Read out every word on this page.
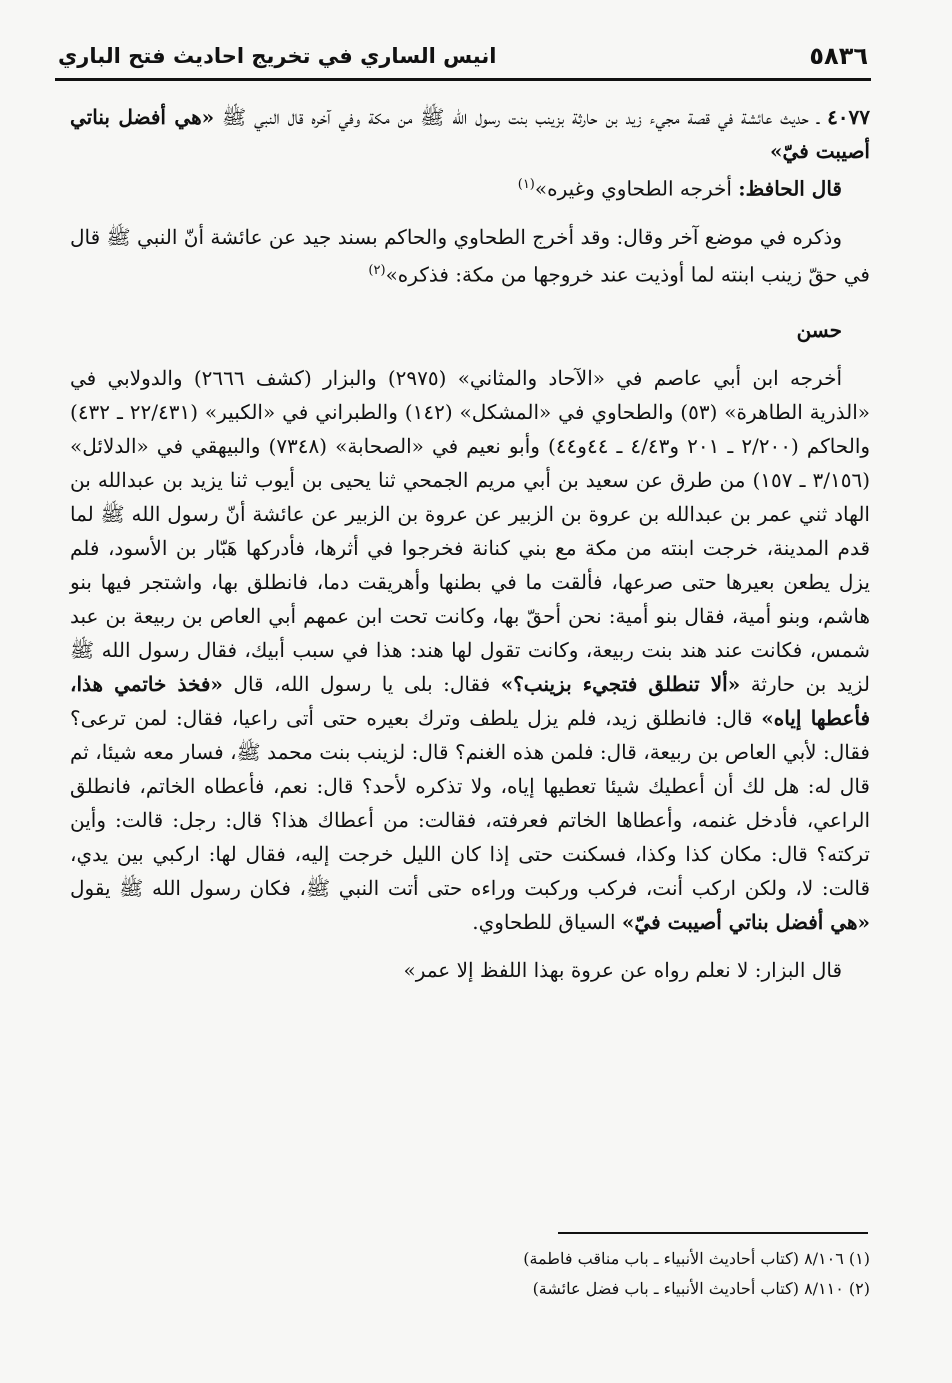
٥٨٣٦
انيس الساري في تخريج احاديث فتح الباري

٤٠٧٧ ـ حديث عائشة في قصة مجيء زيد بن حارثة بزينب بنت رسول الله ﷺ من مكة وفي آخره قال النبي ﷺ «هي أفضل بناتي أصيبت فيّ»

قال الحافظ: أخرجه الطحاوي وغيره»$^{(١)}$

وذكره في موضع آخر وقال: وقد أخرج الطحاوي والحاكم بسند جيد عن عائشة أنّ النبي ﷺ قال في حقّ زينب ابنته لما أوذيت عند خروجها من مكة: فذكره»$^{(٢)}$

حسن

أخرجه ابن أبي عاصم في «الآحاد والمثاني» (٢٩٧٥) والبزار (كشف ٢٦٦٦) والدولابي في «الذرية الطاهرة» (٥٣) والطحاوي في «المشكل» (١٤٢) والطبراني في «الكبير» (٢٢/٤٣١ ـ ٤٣٢) والحاكم (٢/٢٠٠ ـ ٢٠١ و٤/٤٣ ـ ٤٤و٤٤) وأبو نعيم في «الصحابة» (٧٣٤٨) والبيهقي في «الدلائل» (٣/١٥٦ ـ ١٥٧) من طرق عن سعيد بن أبي مريم الجمحي ثنا يحيى بن أيوب ثنا يزيد بن عبدالله بن الهاد ثني عمر بن عبدالله بن عروة بن الزبير عن عروة بن الزبير عن عائشة أنّ رسول الله ﷺ لما قدم المدينة، خرجت ابنته من مكة مع بني كنانة فخرجوا في أثرها، فأدركها هَبّار بن الأسود، فلم يزل يطعن بعيرها حتى صرعها، فألقت ما في بطنها وأهريقت دما، فانطلق بها، واشتجر فيها بنو هاشم، وبنو أمية، فقال بنو أمية: نحن أحقّ بها، وكانت تحت ابن عمهم أبي العاص بن ربيعة بن عبد شمس، فكانت عند هند بنت ربيعة، وكانت تقول لها هند: هذا في سبب أبيك، فقال رسول الله ﷺ لزيد بن حارثة «ألا تنطلق فتجيء بزينب؟» فقال: بلى يا رسول الله، قال «فخذ خاتمي هذا، فأعطها إياه» قال: فانطلق زيد، فلم يزل يلطف وترك بعيره حتى أتى راعيا، فقال: لمن ترعى؟ فقال: لأبي العاص بن ربيعة، قال: فلمن هذه الغنم؟ قال: لزينب بنت محمد ﷺ، فسار معه شيئا، ثم قال له: هل لك أن أعطيك شيئا تعطيها إياه، ولا تذكره لأحد؟ قال: نعم، فأعطاه الخاتم، فانطلق الراعي، فأدخل غنمه، وأعطاها الخاتم فعرفته، فقالت: من أعطاك هذا؟ قال: رجل: قالت: وأين تركته؟ قال: مكان كذا وكذا، فسكنت حتى إذا كان الليل خرجت إليه، فقال لها: اركبي بين يدي، قالت: لا، ولكن اركب أنت، فركب وركبت وراءه حتى أتت النبي ﷺ، فكان رسول الله ﷺ يقول «هي أفضل بناتي أصيبت فيّ» السياق للطحاوي.

قال البزار: لا نعلم رواه عن عروة بهذا اللفظ إلا عمر»

(١) ٨/١٠٦ (كتاب أحاديث الأنبياء ـ باب مناقب فاطمة)

(٢) ٨/١١٠ (كتاب أحاديث الأنبياء ـ باب فضل عائشة)
